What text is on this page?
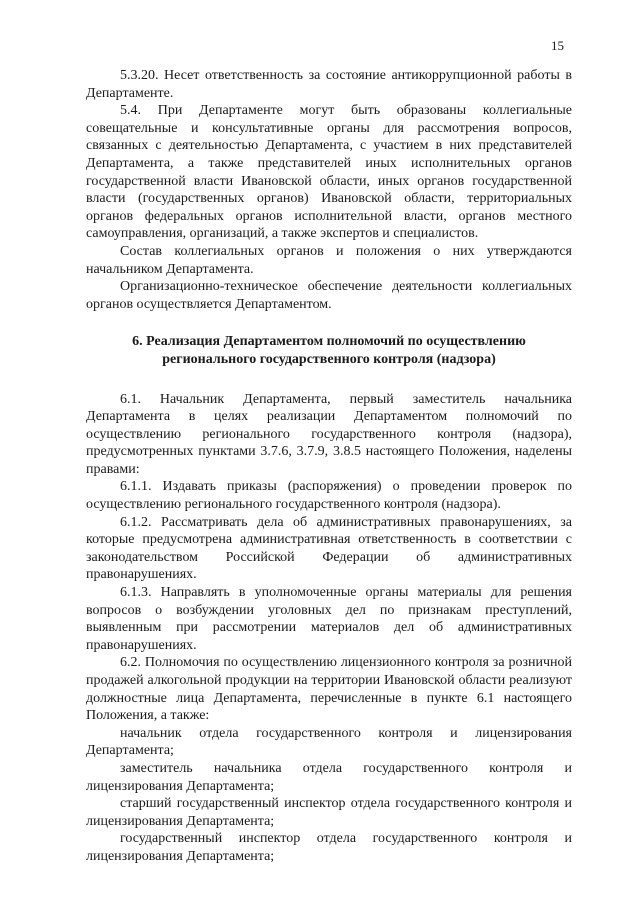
15

5.3.20. Несет ответственность за состояние антикоррупционной работы в Департаменте.

5.4. При Департаменте могут быть образованы коллегиальные совещательные и консультативные органы для рассмотрения вопросов, связанных с деятельностью Департамента, с участием в них представителей Департамента, а также представителей иных исполнительных органов государственной власти Ивановской области, иных органов государственной власти (государственных органов) Ивановской области, территориальных органов федеральных органов исполнительной власти, органов местного самоуправления, организаций, а также экспертов и специалистов.

Состав коллегиальных органов и положения о них утверждаются начальником Департамента.

Организационно-техническое обеспечение деятельности коллегиальных органов осуществляется Департаментом.

6. Реализация Департаментом полномочий по осуществлению регионального государственного контроля (надзора)

6.1. Начальник Департамента, первый заместитель начальника Департамента в целях реализации Департаментом полномочий по осуществлению регионального государственного контроля (надзора), предусмотренных пунктами 3.7.6, 3.7.9, 3.8.5 настоящего Положения, наделены правами:

6.1.1. Издавать приказы (распоряжения) о проведении проверок по осуществлению регионального государственного контроля (надзора).

6.1.2. Рассматривать дела об административных правонарушениях, за которые предусмотрена административная ответственность в соответствии с законодательством Российской Федерации об административных правонарушениях.

6.1.3. Направлять в уполномоченные органы материалы для решения вопросов о возбуждении уголовных дел по признакам преступлений, выявленным при рассмотрении материалов дел об административных правонарушениях.

6.2. Полномочия по осуществлению лицензионного контроля за розничной продажей алкогольной продукции на территории Ивановской области реализуют должностные лица Департамента, перечисленные в пункте 6.1 настоящего Положения, а также:

начальник отдела государственного контроля и лицензирования Департамента;

заместитель начальника отдела государственного контроля и лицензирования Департамента;

старший государственный инспектор отдела государственного контроля и лицензирования Департамента;

государственный инспектор отдела государственного контроля и лицензирования Департамента;
